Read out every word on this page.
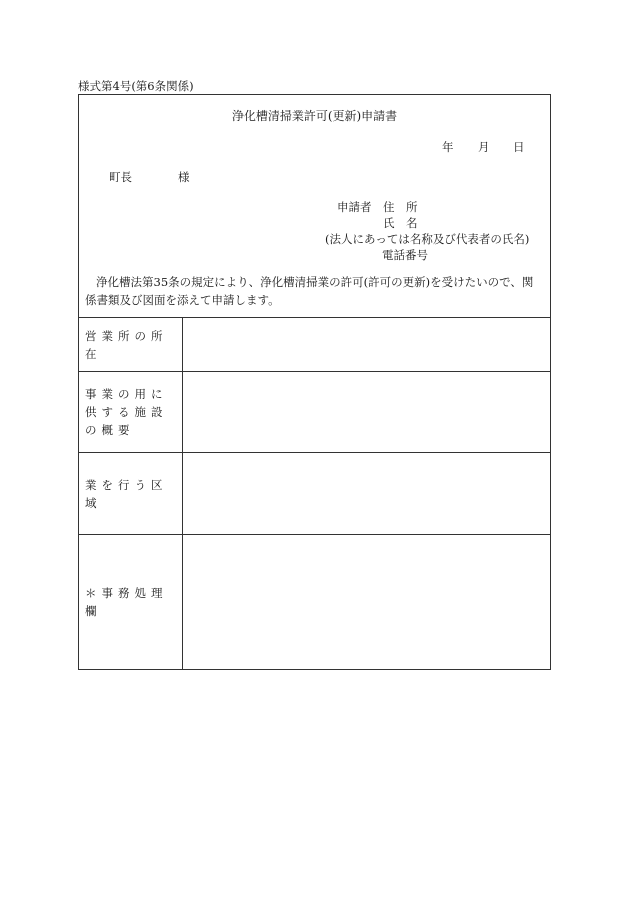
様式第4号(第6条関係)
浄化槽清掃業許可(更新)申請書
年 月 日
町長	様
申請者 住　所
氏　名
(法人にあっては名称及び代表者の氏名)
電話番号
浄化槽法第35条の規定により、浄化槽清掃業の許可(許可の更新)を受けたいので、関係書類及び図面を添えて申請します。
営業所の所在	
事業の用に供する施設の概要	
業を行う区域	
＊事務処理欄	
